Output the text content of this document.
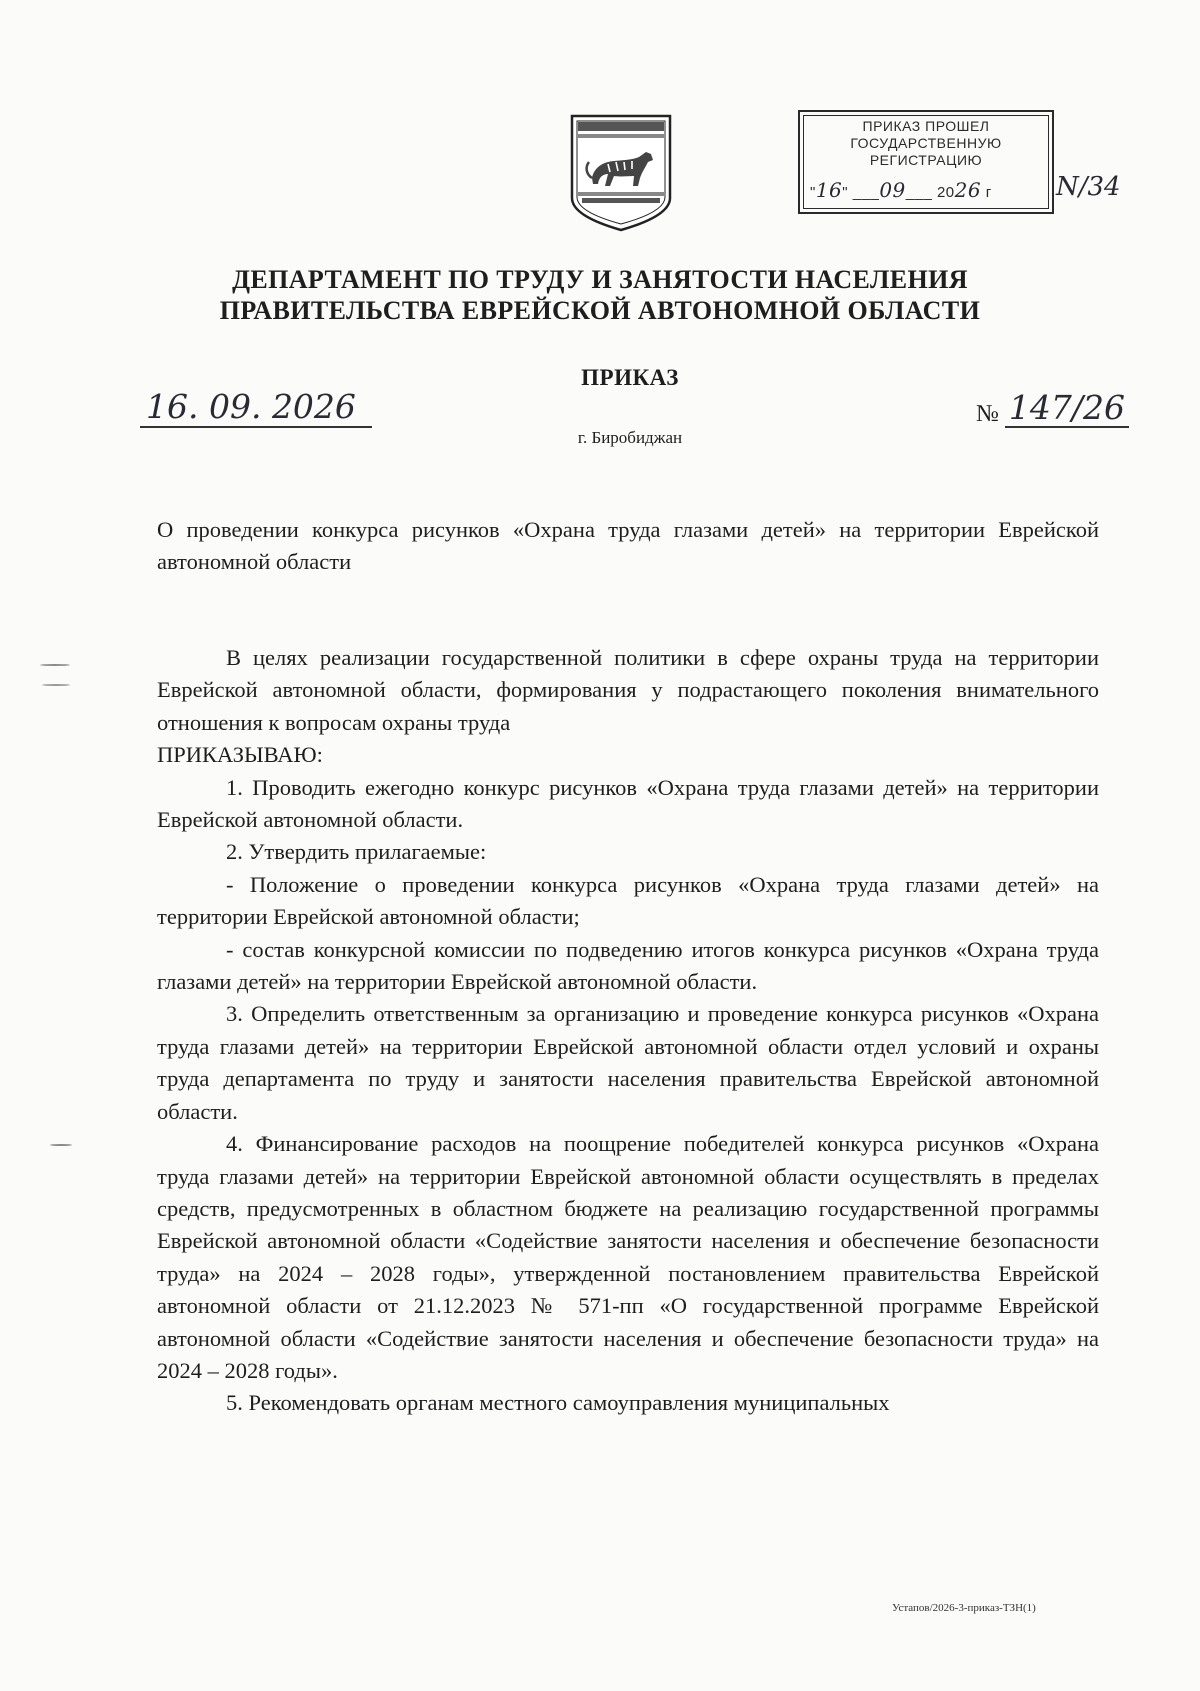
ПРИКАЗ ПРОШЕЛ
ГОСУДАРСТВЕННУЮ
РЕГИСТРАЦИЮ
"16" ___09___ 2026 г N/34
ДЕПАРТАМЕНТ ПО ТРУДУ И ЗАНЯТОСТИ НАСЕЛЕНИЯ
ПРАВИТЕЛЬСТВА ЕВРЕЙСКОЙ АВТОНОМНОЙ ОБЛАСТИ
ПРИКАЗ
16. 09. 2026	№ 147/26
г. Биробиджан
О проведении конкурса рисунков «Охрана труда глазами детей» на территории Еврейской автономной области

В целях реализации государственной политики в сфере охраны труда на территории Еврейской автономной области, формирования у подрастающего поколения внимательного отношения к вопросам охраны труда

ПРИКАЗЫВАЮ:

1. Проводить ежегодно конкурс рисунков «Охрана труда глазами детей» на территории Еврейской автономной области.

2. Утвердить прилагаемые:

- Положение о проведении конкурса рисунков «Охрана труда глазами детей» на территории Еврейской автономной области;

- состав конкурсной комиссии по подведению итогов конкурса рисунков «Охрана труда глазами детей» на территории Еврейской автономной области.

3. Определить ответственным за организацию и проведение конкурса рисунков «Охрана труда глазами детей» на территории Еврейской автономной области отдел условий и охраны труда департамента по труду и занятости населения правительства Еврейской автономной области.

4. Финансирование расходов на поощрение победителей конкурса рисунков «Охрана труда глазами детей» на территории Еврейской автономной области осуществлять в пределах средств, предусмотренных в областном бюджете на реализацию государственной программы Еврейской автономной области «Содействие занятости населения и обеспечение безопасности труда» на 2024 – 2028 годы», утвержденной постановлением правительства Еврейской автономной области от 21.12.2023 № 571-пп «О государственной программе Еврейской автономной области «Содействие занятости населения и обеспечение безопасности труда» на 2024 – 2028 годы».

5. Рекомендовать органам местного самоуправления муниципальных

Устапов/2026-3-приказ-ТЗН(1)
